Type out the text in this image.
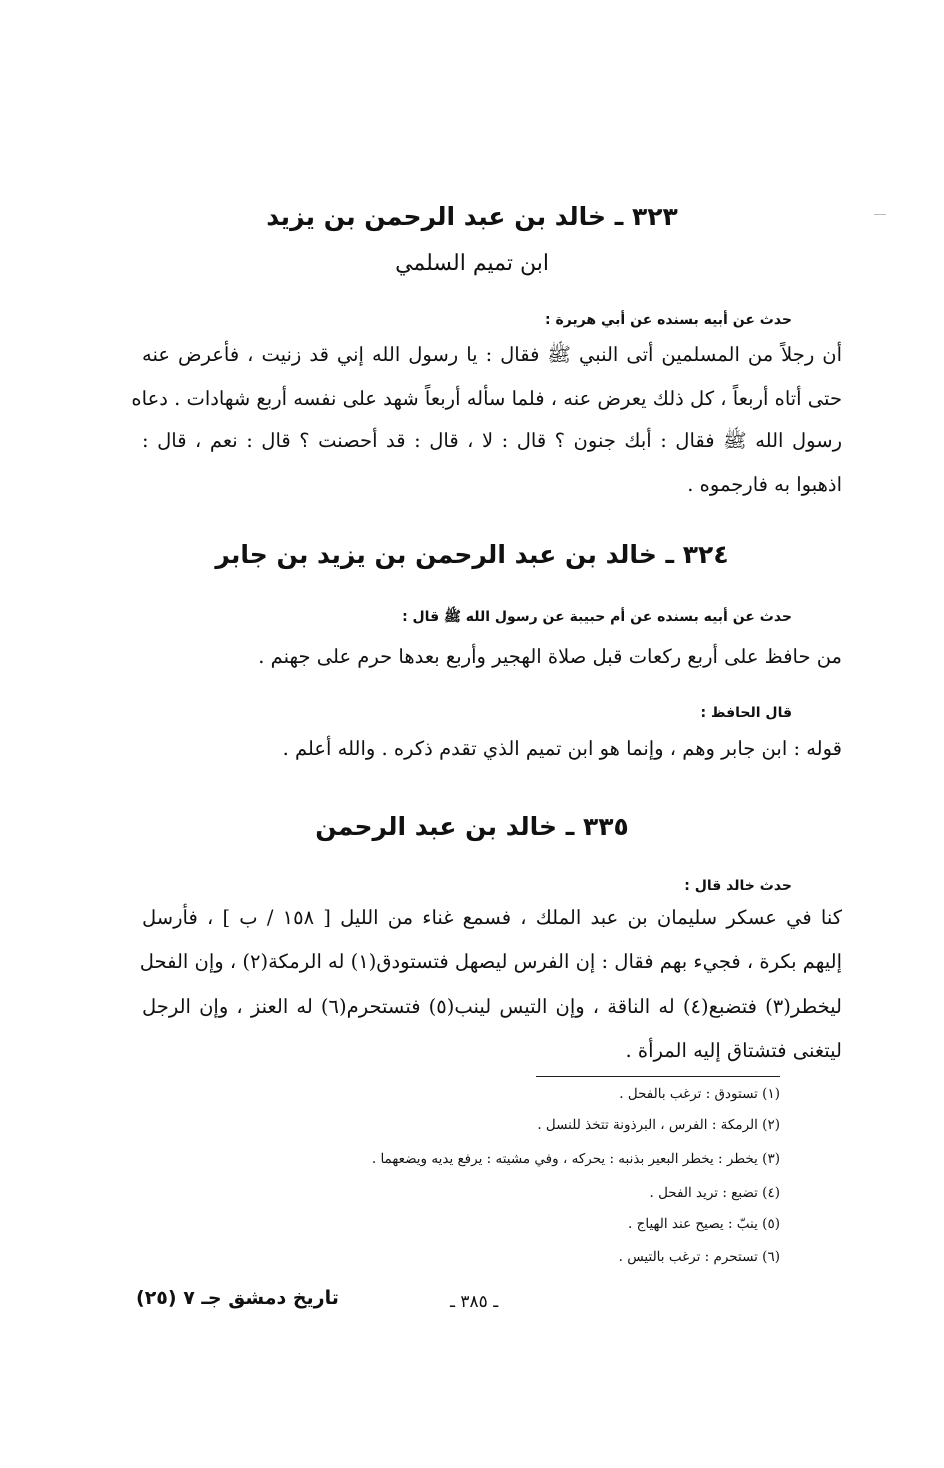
٣٢٣ ـ خالد بن عبد الرحمن بن يزيد
ابن تميم السلمي
حدث عن أبيه بسنده عن أبي هريرة :
أن رجلاً من المسلمين أتى النبي ﷺ فقال : يا رسول الله إني قد زنيت ، فأعرض عنه
حتى أتاه أربعاً ، كل ذلك يعرض عنه ، فلما سأله أربعاً شهد على نفسه أربع شهادات . دعاه
رسول الله ﷺ فقال : أبك جنون ؟ قال : لا ، قال : قد أحصنت ؟ قال : نعم ، قال :
اذهبوا به فارجموه .
٣٢٤ ـ خالد بن عبد الرحمن بن يزيد بن جابر
حدث عن أبيه بسنده عن أم حبيبة عن رسول الله ﷺ قال :
من حافظ على أربع ركعات قبل صلاة الهجير وأربع بعدها حرم على جهنم .
قال الحافظ :
قوله : ابن جابر وهم ، وإنما هو ابن تميم الذي تقدم ذكره . والله أعلم .
٣٣٥ ـ خالد بن عبد الرحمن
حدث خالد قال :
كنا في عسكر سليمان بن عبد الملك ، فسمع غناء من الليل [ ١٥٨ / ب ] ، فأرسل
إليهم بكرة ، فجيء بهم فقال : إن الفرس ليصهل فتستودق(١) له الرمكة(٢) ، وإن الفحل
ليخطر(٣) فتضبع(٤) له الناقة ، وإن التيس لينب(٥) فتستحرم(٦) له العنز ، وإن الرجل
ليتغنى فتشتاق إليه المرأة .
(١) تستودق : ترغب بالفحل .
(٢) الرمكة : الفرس ، البرذونة تتخذ للنسل .
(٣) يخطر : يخطر البعير بذنبه : يحركه ، وفي مشيته : يرفع يديه ويضعهما .
(٤) تضبع : تريد الفحل .
(٥) ينبّ : يصيح عند الهياج .
(٦) تستحرم : ترغب بالتيس .
تاريخ دمشق جـ ٧ (٢٥)	ـ ٣٨٥ ـ
